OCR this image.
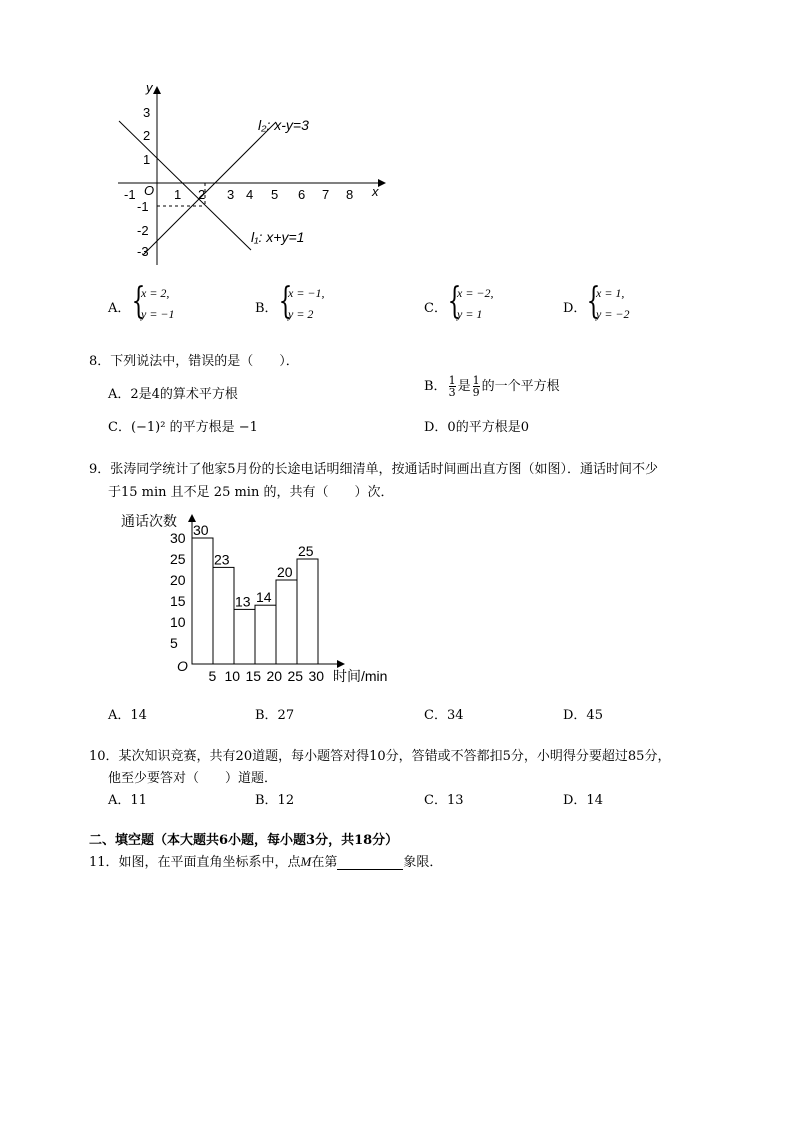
y
x
O
-1	1 2 3 4 5 6 7 8
3
2
1
-1
-2
-3
l₂: x-y=3
l₁: x+y=1
A． {
x = 2,
y = −1	B． {
x = −1,
y = 2	C． {
x = −2,
y = 1	D． {
x = 1,
y = −2
8．下列说法中，错误的是（　　）．
A．2是4的算术平方根
B． $\frac{1}{3}$ 是 $\frac{1}{9}$ 的一个平方根
C．(−1)² 的平方根是 −1	D．0的平方根是0
9．张涛同学统计了他家5月份的长途电话明细清单，按通话时间画出直方图（如图）．通话时间不少
于15 min 且不足 25 min 的，共有（　　）次．
30
25
20
15
10
5
30
23
13 14
20
25
5 10 15 20 25 30
通话次数
时间/min
O
A．14	B．27	C．34	D．45
10．某次知识竞赛，共有20道题，每小题答对得10分，答错或不答都扣5分，小明得分要超过85分，
他至少要答对（　　）道题．
A．11	B．12	C．13	D．14
二、填空题（本大题共6小题，每小题3分，共18分）
11．如图，在平面直角坐标系中，点M在第	象限．
